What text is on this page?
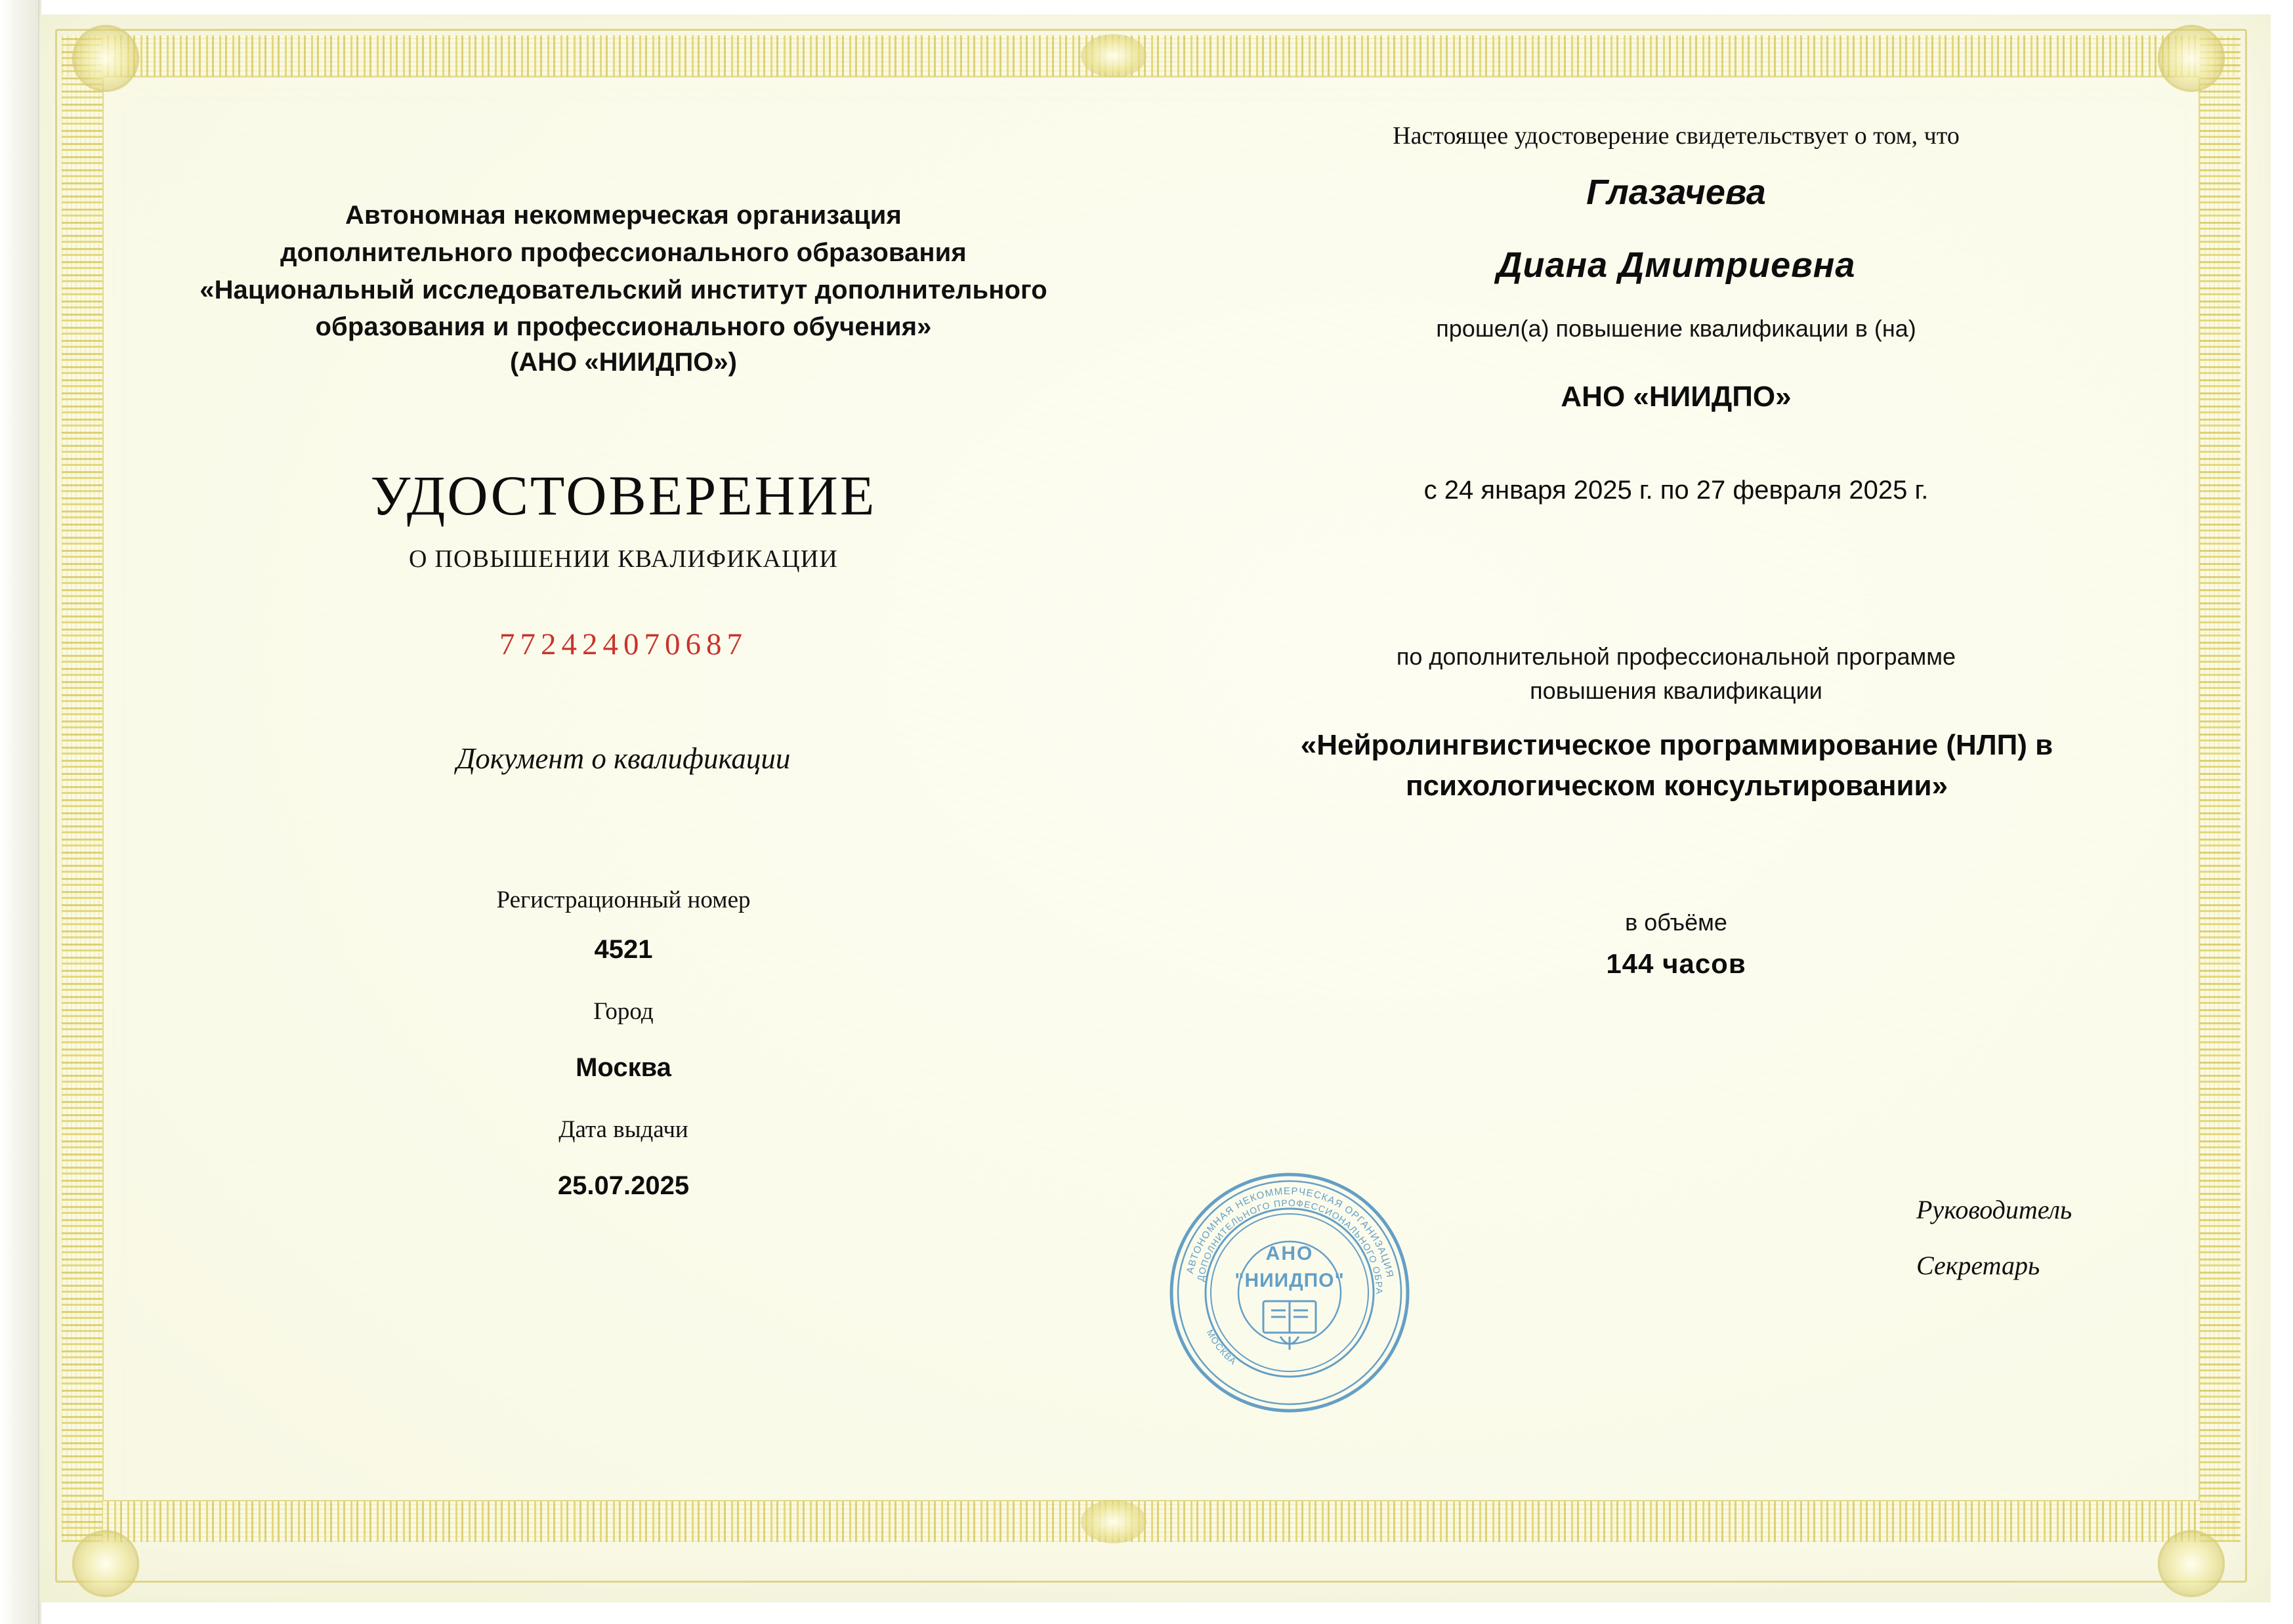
Автономная некоммерческая организация
дополнительного профессионального образования
«Национальный исследовательский институт дополнительного
образования и профессионального обучения»
(АНО «НИИДПО»)
УДОСТОВЕРЕНИЕ
О ПОВЫШЕНИИ КВАЛИФИКАЦИИ
772424070687
Документ о квалификации
Регистрационный номер
4521
Город
Москва
Дата выдачи
25.07.2025
Настоящее удостоверение свидетельствует о том, что
Глазачева
Диана Дмитриевна
прошел(а) повышение квалификации в (на)
АНО «НИИДПО»
с 24 января 2025 г. по 27 февраля 2025 г.
по дополнительной профессиональной программе
повышения квалификации
«Нейролингвистическое программирование (НЛП) в психологическом консультировании»
в объёме
144 часов
Руководитель
Секретарь
АВТОНОМНАЯ НЕКОММЕРЧЕСКАЯ ОРГАНИЗАЦИЯ
ДОПОЛНИТЕЛЬНОГО ПРОФЕССИОНАЛЬНОГО ОБРА
МОСКВА
АНО
"НИИДПО"
